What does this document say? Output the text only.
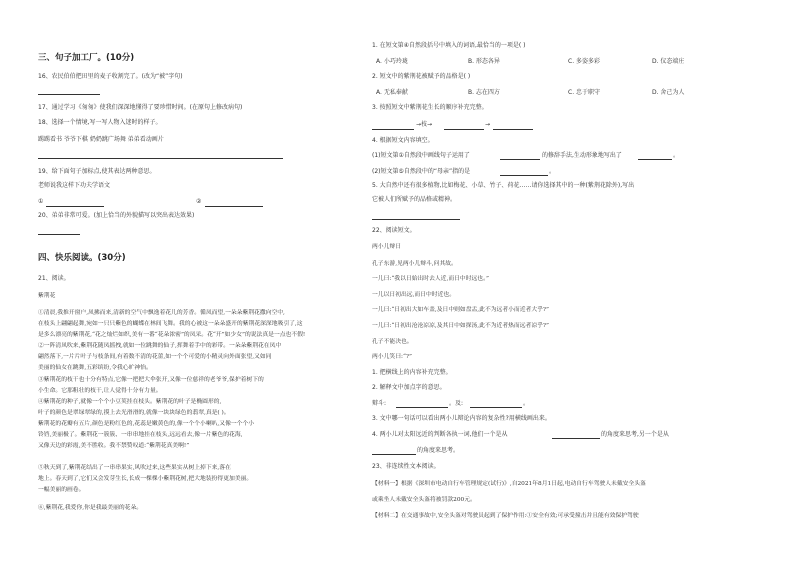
三、句子加工厂。(10分)
16、农民伯伯把田里的麦子收割完了。(改为“被”字句)
17、通过学习《匆匆》使我们深深地懂得了要珍惜时间。(在原句上修改病句)
18、选择一个情境,写一写人物入迷时的样子。
踢踢看书 爷爷下棋 奶奶跳广场舞 弟弟看动画片
19、给下面句子加标点,使其表达两种意思。
老师说我这样下功夫学语文
①	②
20、弟弟非常可爱。(加上恰当的外貌描写以突出表达效果)
四、快乐阅读。(30分)
21、阅读。
紫荆花
①清晨,我推开窗户,凤拂而来,清新的空气中飘逸着花儿的芳香。循凤而望,一朵朵紫荆花撒向空中,
在枝头上翩翩起舞,宛如一只只紫色的蝴蝶在林间飞舞。我的心被这一朵朵盛开的紫荆花深深地吸引了,这
是多么漂亮的紫荆花,“花之灿烂如织,美有一番“花朵浓密”的凤采。花“开”如少女”的说法真是一点也不假!
②一阵清凤吹来,紫荆花随凤摇拽,就如一位跳舞的仙子,挥舞着手中的彩带。一朵朵紫荆花在凤中
翩然落下,一片片叶子与枝条间,有着数不清的花蕾,如一个个可爱的小精灵向外面张望,又如同
美丽的仙女在跳舞,五彩缤纷,令我心旷神怡。
③紫荆花的枝干也十分有特点,它像一把把大伞张开,又像一位慈祥的老爷爷,保护着树下的
小生命。它那粗壮的枝干,让人觉得十分有力量。
④紫荆花的种子,就像一个个小豆荚挂在枝头。紫荆花的叶子是椭圆形的,
叶子的颜色是翠绿翠绿的,摸上去光滑滑的,就像一块块绿色的翡翠,真是( )。
紫荆花的花瓣有五片,颜色是粉红色的,花蕊是嫩黄色的,像一个个小喇叭,又像一个个小
铃铛,美丽极了。紫荆花一簇簇、一串串地挂在枝头,远远看去,像一片紫色的花海,
又像天边的彩霞,美不胜收。我不禁赞叹道:“紫荆花真美啊!”
⑤秋天到了,紫荆花结出了一串串果实,风吹过来,这些果实从树上掉下来,落在
地上。春天到了,它们又会发芽生长,长成一棵棵小紫荆花树,把大地装扮得更加美丽。
一幅美丽的画卷。
⑥,紫荆花,我爱你,你是我最美丽的花朵。
1. 在短文第④自然段括号中填入的词语,最恰当的一项是( )
A. 小巧玲珑	B. 形态各异	C. 多姿多彩	D. 仪态端庄
2. 短文中的紫荆花被赋予的品格是( )
A. 无私奉献	B. 志在四方	C. 忠于职守	D. 舍己为人
3. 按照短文中紫荆花生长的顺序补充完整。
→枝→	→
4. 根据短文内容填空。
(1)短文第①自然段中画线句子运用了	的修辞手法,生动形象地写出了	。
(2)短文第⑤自然段中的“母亲”指的是	。
5. 大自然中还有很多植物,比如梅花、小草、竹子、荷花……请你选择其中的一种(紫荆花除外),写出
它被人们所赋予的品格或精神。
22、阅读短文。
两小儿辩日
孔子东游,见两小儿辩斗,问其故。
一儿曰:“我以日始出时去人近,而日中时远也。”
一儿以日初出远,而日中时近也。
一儿曰:“日初出大如车盖,及日中则如盘盂,此不为远者小而近者大乎?”
一儿曰:“日初出沧沧凉凉,及其日中如探汤,此不为近者热而远者凉乎?”
孔子不能决也。
两小儿笑曰:“?”
1. 把横线上的内容补充完整。
2. 解释文中加点字的意思。
辩斗:	。及:	。
3. 文中哪一句话可以看出两小儿辩论内容的复杂性?用横线画出来。
4. 两小儿对太阳远近的判断各执一词,他们一个是从	的角度来思考,另一个是从
的角度来思考。
23、非连续性文本阅读。
【材料一】根据《深圳市电动自行车管理规定(试行)》,自2021年8月1日起,电动自行车驾驶人未戴安全头盔
或乘坐人未戴安全头盔将被罚款200元。
【材料二】在交通事故中,安全头盔对驾驶员起到了保护作用:①安全有效;可承受撞击并且能有效保护驾驶
